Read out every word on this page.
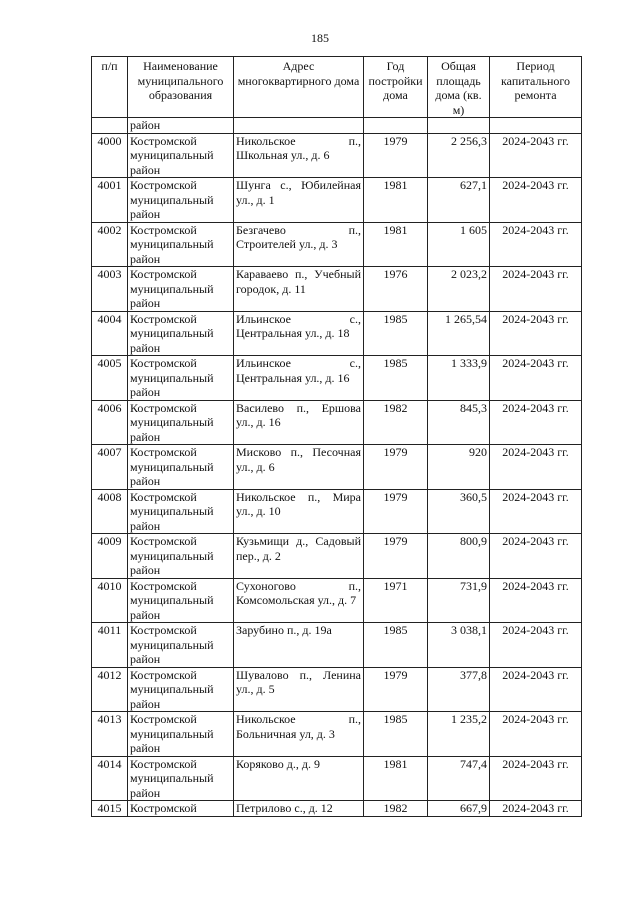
185
п/п	Наименование муниципального образования	Адрес многоквартирного дома	Год постройки дома	Общая площадь дома (кв. м)	Период капитального ремонта
	район				
4000	Костромской муниципальный район	Никольское п., Школьная ул., д. 6	1979	2 256,3	2024-2043 гг.
4001	Костромской муниципальный район	Шунга с., Юбилейная ул., д. 1	1981	627,1	2024-2043 гг.
4002	Костромской муниципальный район	Безгачево п., Строителей ул., д. 3	1981	1 605	2024-2043 гг.
4003	Костромской муниципальный район	Караваево п., Учебный городок, д. 11	1976	2 023,2	2024-2043 гг.
4004	Костромской муниципальный район	Ильинское с., Центральная ул., д. 18	1985	1 265,54	2024-2043 гг.
4005	Костромской муниципальный район	Ильинское с., Центральная ул., д. 16	1985	1 333,9	2024-2043 гг.
4006	Костромской муниципальный район	Василево п., Ершова ул., д. 16	1982	845,3	2024-2043 гг.
4007	Костромской муниципальный район	Мисково п., Песочная ул., д. 6	1979	920	2024-2043 гг.
4008	Костромской муниципальный район	Никольское п., Мира ул., д. 10	1979	360,5	2024-2043 гг.
4009	Костромской муниципальный район	Кузьмищи д., Садовый пер., д. 2	1979	800,9	2024-2043 гг.
4010	Костромской муниципальный район	Сухоногово п., Комсомольская ул., д. 7	1971	731,9	2024-2043 гг.
4011	Костромской муниципальный район	Зарубино п., д. 19а	1985	3 038,1	2024-2043 гг.
4012	Костромской муниципальный район	Шувалово п., Ленина ул., д. 5	1979	377,8	2024-2043 гг.
4013	Костромской муниципальный район	Никольское п., Больничная ул, д. 3	1985	1 235,2	2024-2043 гг.
4014	Костромской муниципальный район	Коряково д., д. 9	1981	747,4	2024-2043 гг.
4015	Костромской	Петрилово с., д. 12	1982	667,9	2024-2043 гг.
